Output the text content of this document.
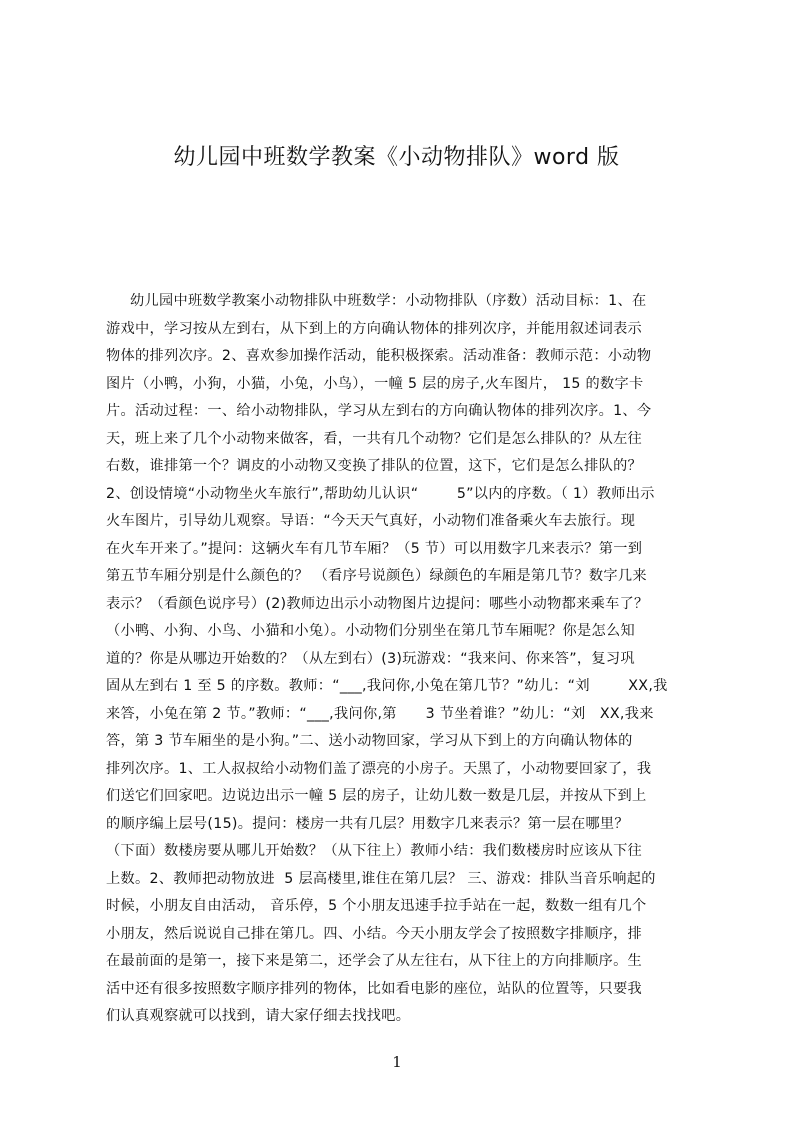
幼儿园中班数学教案《小动物排队》word 版
幼儿园中班数学教案小动物排队中班数学：小动物排队（序数）活动目标：1、在
游戏中，学习按从左到右，从下到上的方向确认物体的排列次序，并能用叙述词表示
物体的排列次序。2、喜欢参加操作活动，能积极探索。活动准备：教师示范：小动物
图片（小鸭，小狗，小猫，小兔，小鸟），一幢 5 层的房子,火车图片， 15 的数字卡
片。活动过程：一、给小动物排队，学习从左到右的方向确认物体的排列次序。1、今
天，班上来了几个小动物来做客，看，一共有几个动物？它们是怎么排队的？从左往
右数，谁排第一个？调皮的小动物又变换了排队的位置，这下，它们是怎么排队的？
2、创设情境“小动物坐火车旅行”,帮助幼儿认识“        5”以内的序数。（ 1）教师出示
火车图片，引导幼儿观察。导语：“今天天气真好，小动物们准备乘火车去旅行。现
在火车开来了。”提问：这辆火车有几节车厢？（5 节）可以用数字几来表示？第一到
第五节车厢分别是什么颜色的？ （看序号说颜色）绿颜色的车厢是第几节？数字几来
表示？（看颜色说序号）(2)教师边出示小动物图片边提问：哪些小动物都来乘车了？
（小鸭、小狗、小鸟、小猫和小兔）。小动物们分别坐在第几节车厢呢？你是怎么知
道的？你是从哪边开始数的？（从左到右）(3)玩游戏：“我来问、你来答”，复习巩
固从左到右 1 至 5 的序数。教师：“___,我问你,小兔在第几节？”幼儿：“刘        XX,我
来答，小兔在第 2 节。”教师：“___,我问你,第      3 节坐着谁？”幼儿：“刘   XX,我来
答，第 3 节车厢坐的是小狗。”二、送小动物回家，学习从下到上的方向确认物体的
排列次序。1、工人叔叔给小动物们盖了漂亮的小房子。天黑了，小动物要回家了，我
们送它们回家吧。边说边出示一幢 5 层的房子，让幼儿数一数是几层，并按从下到上
的顺序编上层号(15)。提问：楼房一共有几层？用数字几来表示？第一层在哪里？
（下面）数楼房要从哪儿开始数？（从下往上）教师小结：我们数楼房时应该从下往
上数。2、教师把动物放进  5 层高楼里,谁住在第几层？ 三、游戏：排队当音乐响起的
时候，小朋友自由活动， 音乐停，5 个小朋友迅速手拉手站在一起，数数一组有几个
小朋友，然后说说自己排在第几。四、小结。今天小朋友学会了按照数字排顺序，排
在最前面的是第一，接下来是第二，还学会了从左往右，从下往上的方向排顺序。生
活中还有很多按照数字顺序排列的物体，比如看电影的座位，站队的位置等，只要我
们认真观察就可以找到，请大家仔细去找找吧。
1
